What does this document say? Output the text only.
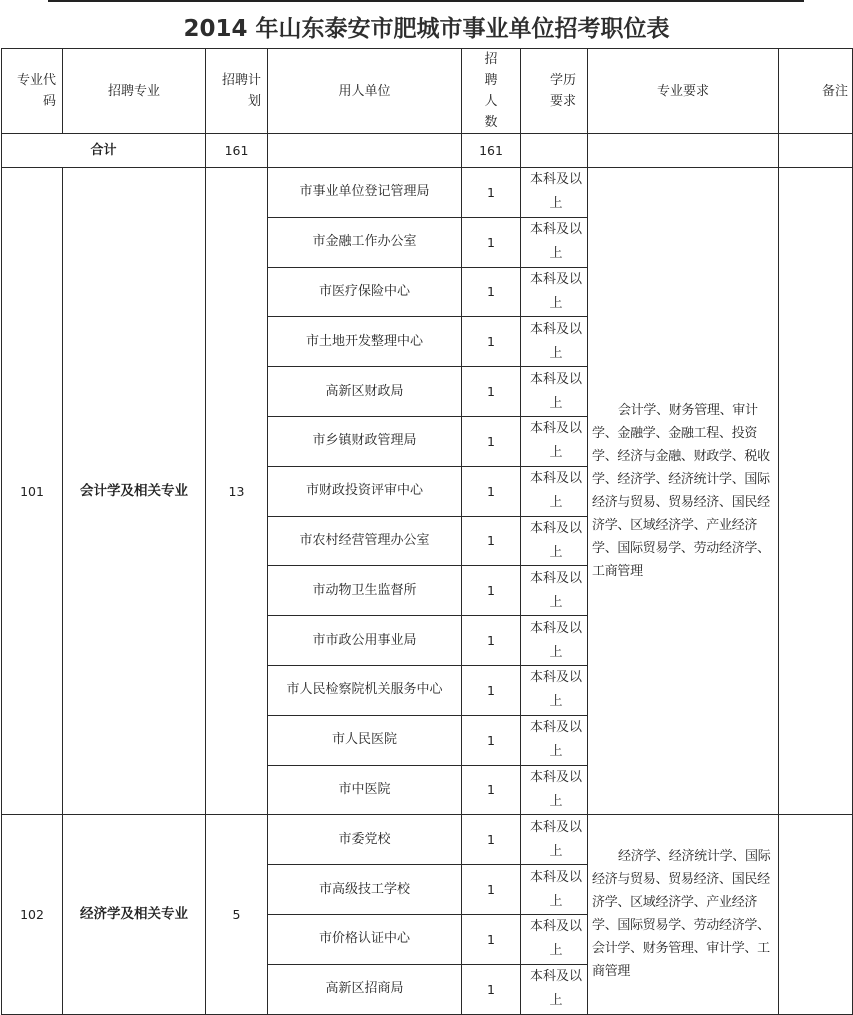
2014 年山东泰安市肥城市事业单位招考职位表
专业代码	招聘专业	招聘计划	用人单位	招聘人数	学历要求	专业要求	备注
合计		161		161			
101	会计学及相关专业	13	市事业单位登记管理局	1	本科及以上	会计学、财务管理、审计学、金融学、金融工程、投资学、经济与金融、财政学、税收学、经济学、经济统计学、国际经济与贸易、贸易经济、国民经济学、区域经济学、产业经济学、国际贸易学、劳动经济学、工商管理	

			市金融工作办公室	1	本科及以上		
			市医疗保险中心	1	本科及以上		
			市土地开发整理中心	1	本科及以上		
			高新区财政局	1	本科及以上		
			市乡镇财政管理局	1	本科及以上		
			市财政投资评审中心	1	本科及以上		
			市农村经营管理办公室	1	本科及以上		
			市动物卫生监督所	1	本科及以上		
			市市政公用事业局	1	本科及以上		
			市人民检察院机关服务中心	1	本科及以上		
			市人民医院	1	本科及以上		
			市中医院	1	本科及以上		
102	经济学及相关专业	5	市委党校	1	本科及以上	经济学、经济统计学、国际经济与贸易、贸易经济、国民经济学、区域经济学、产业经济学、国际贸易学、劳动经济学、会计学、财务管理、审计学、工商管理	

			市高级技工学校	1	本科及以上		
			市价格认证中心	1	本科及以上		
			高新区招商局	1	本科及以上		
